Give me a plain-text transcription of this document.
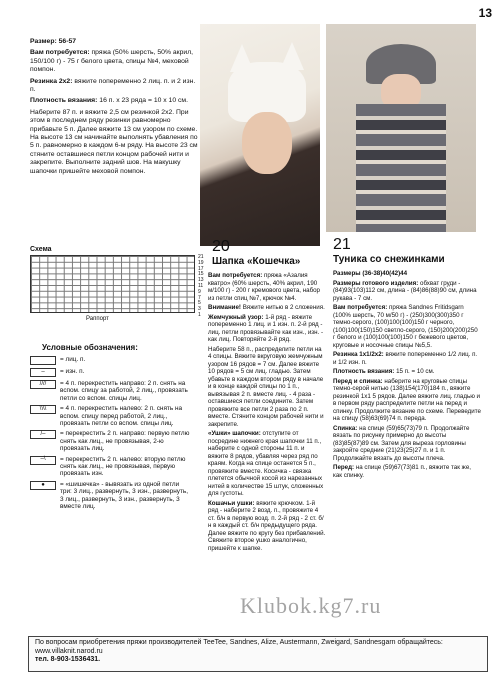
13

Размер: 56-57

Вам потребуется: пряжа (50% шерсть, 50% акрил, 150/100 г) - 75 г белого цвета, спицы №4, меховой помпон.

Резинка 2х2: вяжите попеременно 2 лиц. п. и 2 изн. п.

Плотность вязания: 16 п. х 23 ряда = 10 х 10 см.

Наберите 87 п. и вяжите 2,5 см резинкой 2х2. При этом в последнем ряду резинки равномерно прибавьте 5 п. Далее вяжите 13 см узором по схеме. На высоте 13 см начинайте выполнять убавления по 5 п. равномерно в каждом 6-м ряду. На высоте 23 см стяните оставшиеся петли концом рабочей нити и закрепите. Выполните задний шов. На макушку шапочки пришейте меховой помпон.

Схема
21
19
17
15
13
11
9
7
5
3
1
Раппорт
Условные обозначения:
= лиц. п.
–	= изн. п.
////	= 4 п. перекрестить направо: 2 п. снять на вспом. спицу за работой, 2 лиц., провязать петли со вспом. спицы лиц.
\\\\	= 4 п. перекрестить налево: 2 п. снять на вспом. спицу перед работой, 2 лиц., провязать петли со вспом. спицы лиц.
/–	= перекрестить 2 п. направо: первую петлю снять как лиц., не провязывая, 2-ю провязать лиц.
–\	= перекрестить 2 п. налево: вторую петлю снять как лиц., не провязывая, первую провязать изн.
●	= «шишечка» - вывязать из одной петли три: 3 лиц., развернуть, 3 изн., развернуть, 3 лиц., развернуть, 3 изн., развернуть, 3 вместе лиц.
20
Шапка «Кошечка»

Вам потребуется: пряжа «Азалия кватро» (60% шерсть, 40% акрил, 190 м/100 г) - 200 г кремового цвета, набор из петли спиц №7, крючок №4.

Внимание! Вяжите нитью в 2 сложения.

Жемчужный узор: 1-й ряд - вяжите попеременно 1 лиц. и 1 изн. п. 2-й ряд - лиц. петли провязывайте как изн., изн. - как лиц. Повторяйте 2-й ряд.

Наберите 58 п., распределите петли на 4 спицы. Вяжите вкруговую жемчужным узором 16 рядов = 7 см. Далее вяжите 10 рядов = 5 см лиц. гладью. Затем убавьте в каждом втором ряду в начале и в конце каждой спицы по 1 п., вывязывая 2 п. вместе лиц. - 4 раза - оставшиеся петли соедините. Затем провяжите все петли 2 раза по 2 п. вместе. Стяните концом рабочей нити и закрепите.

«Ушки» шапочки: отступите от посредине нижнего края шапочки 11 п., наберите с одной стороны 11 п. и вяжите 8 рядов, убавляя через ряд по краям. Когда на спице останется 5 п., провяжите вместе. Косичка - связка плетется обычной косой из нарезанных нитей в количестве 15 штук, сложенных для густоты.

Кошачьи ушки: вяжите крючком. 1-й ряд - наберите 2 возд. п., провяжите 4 ст. б/н в первую возд. п. 2-й ряд - 2 ст. б/н в каждый ст. б/н предыдущего ряда. Далее вяжите по кругу без прибавлений. Свяжите второе ушко аналогично, пришейте к шапке.

21
Туника со снежинками

Размеры (36-38)40(42)44

Размеры готового изделия: обхват груди - (84)93(103)112 см, длина - (84)86(88)90 см, длина рукава - 7 см.

Вам потребуется: пряжа Sandnes Fritidsgarn (100% шерсть, 70 м/50 г) - (250)300(300)350 г темно-серого, (100)100(100)150 г черного, (100)100(150)150 светло-серого, (150)200(200)250 г белого и (100)100(100)150 г бежевого цветов, круговые и носочные спицы №5,5.

Резинка 1х1/2х2: вяжите попеременно 1/2 лиц. п. и 1/2 изн. п.

Плотность вязания: 15 п. = 10 см.

Перед и спинка: наберите на круговые спицы темно-серой нитью (138)154(170)184 п., вяжите резинкой 1х1 5 рядов. Далее вяжите лиц. гладью и в первом ряду распределите петли на перед и спинку. Продолжите вязание по схеме. Переведите на спицу (58)63(69)74 п. переда.

Спинка: на спице (59)65(73)79 п. Продолжайте вязать по рисунку примерно до высоты (83)85(87)89 см. Затем для выреза горловины закройте средние (21)23(25)27 п. и 1 п. Продолжайте вязать до высоты плеча.

Перед: на спице (59)67(73)81 п., вяжите так же, как спинку.

Klubok.kg7.ru
По вопросам приобретения пряжи производителей TeeTee, Sandnes, Alize, Austermann, Zweigard, Sandnesgarn обращайтесь: www.villaknit.narod.ru
тел. 8-903-1536431.
